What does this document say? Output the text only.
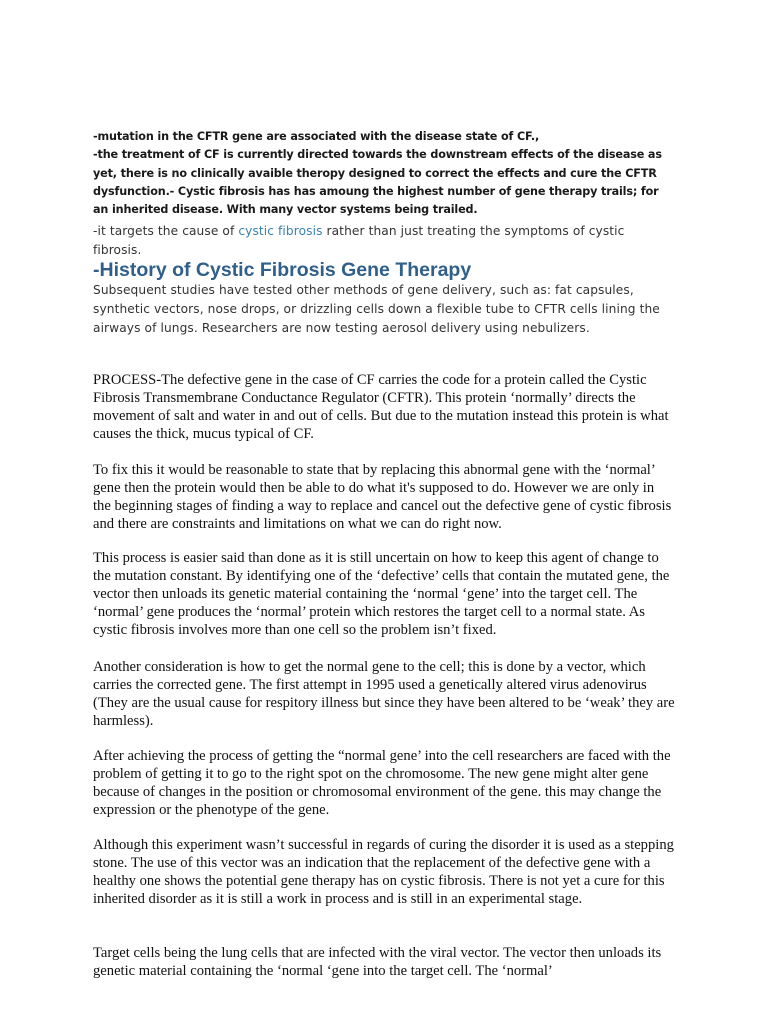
-mutation in the CFTR gene are associated with the disease state of CF.,

-the treatment of CF is currently directed towards the downstream effects of the disease as yet, there is no clinically avaible theropy designed to correct the effects and cure the CFTR dysfunction.- Cystic fibrosis has has amoung the highest number of gene therapy trails; for an inherited disease. With many vector systems being trailed.

-it targets the cause of cystic fibrosis rather than just treating the symptoms of cystic fibrosis.

-History of Cystic Fibrosis Gene Therapy

Subsequent studies have tested other methods of gene delivery, such as: fat capsules, synthetic vectors, nose drops, or drizzling cells down a flexible tube to CFTR cells lining the airways of lungs. Researchers are now testing aerosol delivery using nebulizers.

PROCESS-The defective gene in the case of CF carries the code for a protein called the Cystic Fibrosis Transmembrane Conductance Regulator (CFTR). This protein ‘normally’ directs the movement of salt and water in and out of cells. But due to the mutation instead this protein is what causes the thick, mucus typical of CF.

To fix this it would be reasonable to state that by replacing this abnormal gene with the ‘normal’ gene then the protein would then be able to do what it's supposed to do. However we are only in the beginning stages of finding a way to replace and cancel out the defective gene of cystic fibrosis and there are constraints and limitations on what we can do right now.

This process is easier said than done as it is still uncertain on how to keep this agent of change to the mutation constant. By identifying one of the ‘defective’ cells that contain the mutated gene, the vector then unloads its genetic material containing the ‘normal ‘gene’ into the target cell. The ‘normal’ gene produces the ‘normal’ protein which restores the target cell to a normal state. As cystic fibrosis involves more than one cell so the problem isn’t fixed.

Another consideration is how to get the normal gene to the cell; this is done by a vector, which carries the corrected gene. The first attempt in 1995 used a genetically altered virus adenovirus (They are the usual cause for respitory illness but since they have been altered to be ‘weak’ they are harmless).

After achieving the process of getting the “normal gene’ into the cell researchers are faced with the problem of getting it to go to the right spot on the chromosome. The new gene might alter gene because of changes in the position or chromosomal environment of the gene. this may change the expression or the phenotype of the gene.

Although this experiment wasn’t successful in regards of curing the disorder it is used as a stepping stone. The use of this vector was an indication that the replacement of the defective gene with a healthy one shows the potential gene therapy has on cystic fibrosis. There is not yet a cure for this inherited disorder as it is still a work in process and is still in an experimental stage.

Target cells being the lung cells that are infected with the viral vector. The vector then unloads its genetic material containing the ‘normal ‘gene into the target cell. The ‘normal’
